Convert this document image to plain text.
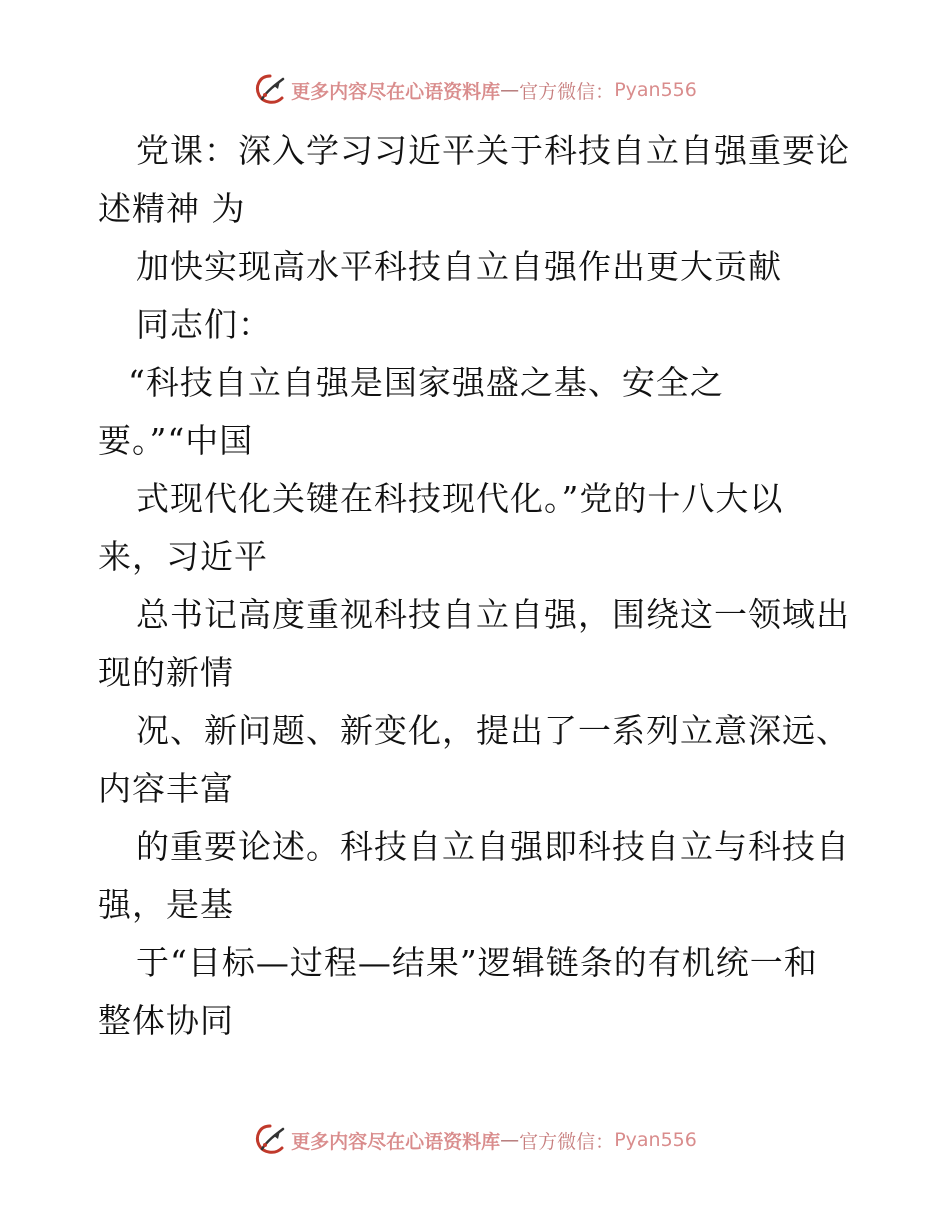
更多内容尽在心语资料库 — 官方微信： Pyan556
党课：深入学习习近平关于科技自立自强重要论
述精神 为
加快实现高水平科技自立自强作出更大贡献
同志们：
“科技自立自强是国家强盛之基、安全之
要。”“中国
式现代化关键在科技现代化。”党的十八大以
来，习近平
总书记高度重视科技自立自强，围绕这一领域出
现的新情
况、新问题、新变化，提出了一系列立意深远、
内容丰富
的重要论述。科技自立自强即科技自立与科技自
强，是基
于“目标—过程—结果”逻辑链条的有机统一和
整体协同
更多内容尽在心语资料库 — 官方微信： Pyan556
